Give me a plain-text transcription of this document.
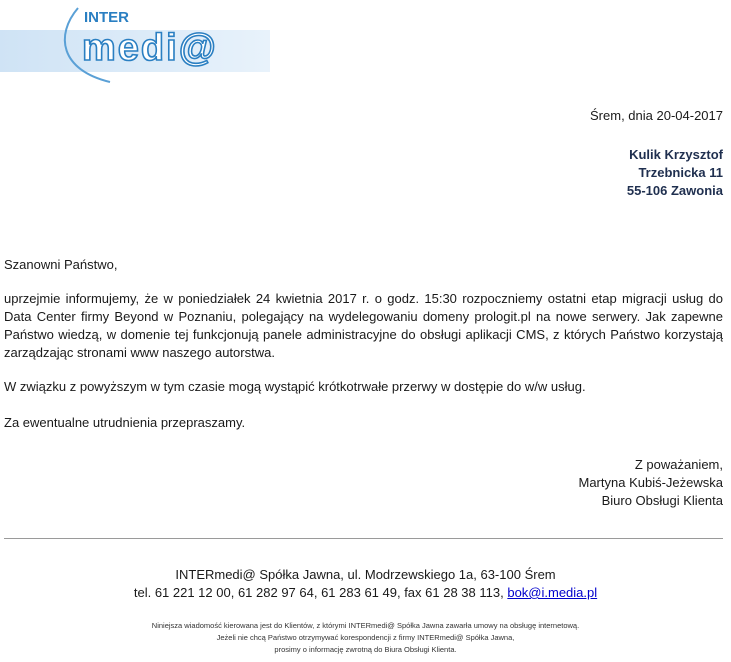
INTER
medi@
Śrem, dnia 20-04-2017
Kulik Krzysztof
Trzebnicka 11
55-106 Zawonia

Szanowni Państwo,

uprzejmie informujemy, że w poniedziałek 24 kwietnia 2017 r. o godz. 15:30 rozpoczniemy ostatni etap migracji usług do Data Center firmy Beyond w Poznaniu, polegający na wydelegowaniu domeny prologit.pl na nowe serwery. Jak zapewne Państwo wiedzą, w domenie tej funkcjonują panele administracyjne do obsługi aplikacji CMS, z których Państwo korzystają zarządzając stronami www naszego autorstwa.

W związku z powyższym w tym czasie mogą wystąpić krótkotrwałe przerwy w dostępie do w/w usług.

Za ewentualne utrudnienia przepraszamy.

Z poważaniem,
Martyna Kubiś-Jeżewska
Biuro Obsługi Klienta
INTERmedi@ Spółka Jawna, ul. Modrzewskiego 1a, 63-100 Śrem
tel. 61 221 12 00, 61 282 97 64, 61 283 61 49, fax 61 28 38 113, bok@i.media.pl
Niniejsza wiadomość kierowana jest do Klientów, z którymi INTERmedi@ Spółka Jawna zawarła umowy na obsługę internetową.
Jeżeli nie chcą Państwo otrzymywać korespondencji z firmy INTERmedi@ Spółka Jawna,
prosimy o informację zwrotną do Biura Obsługi Klienta.
